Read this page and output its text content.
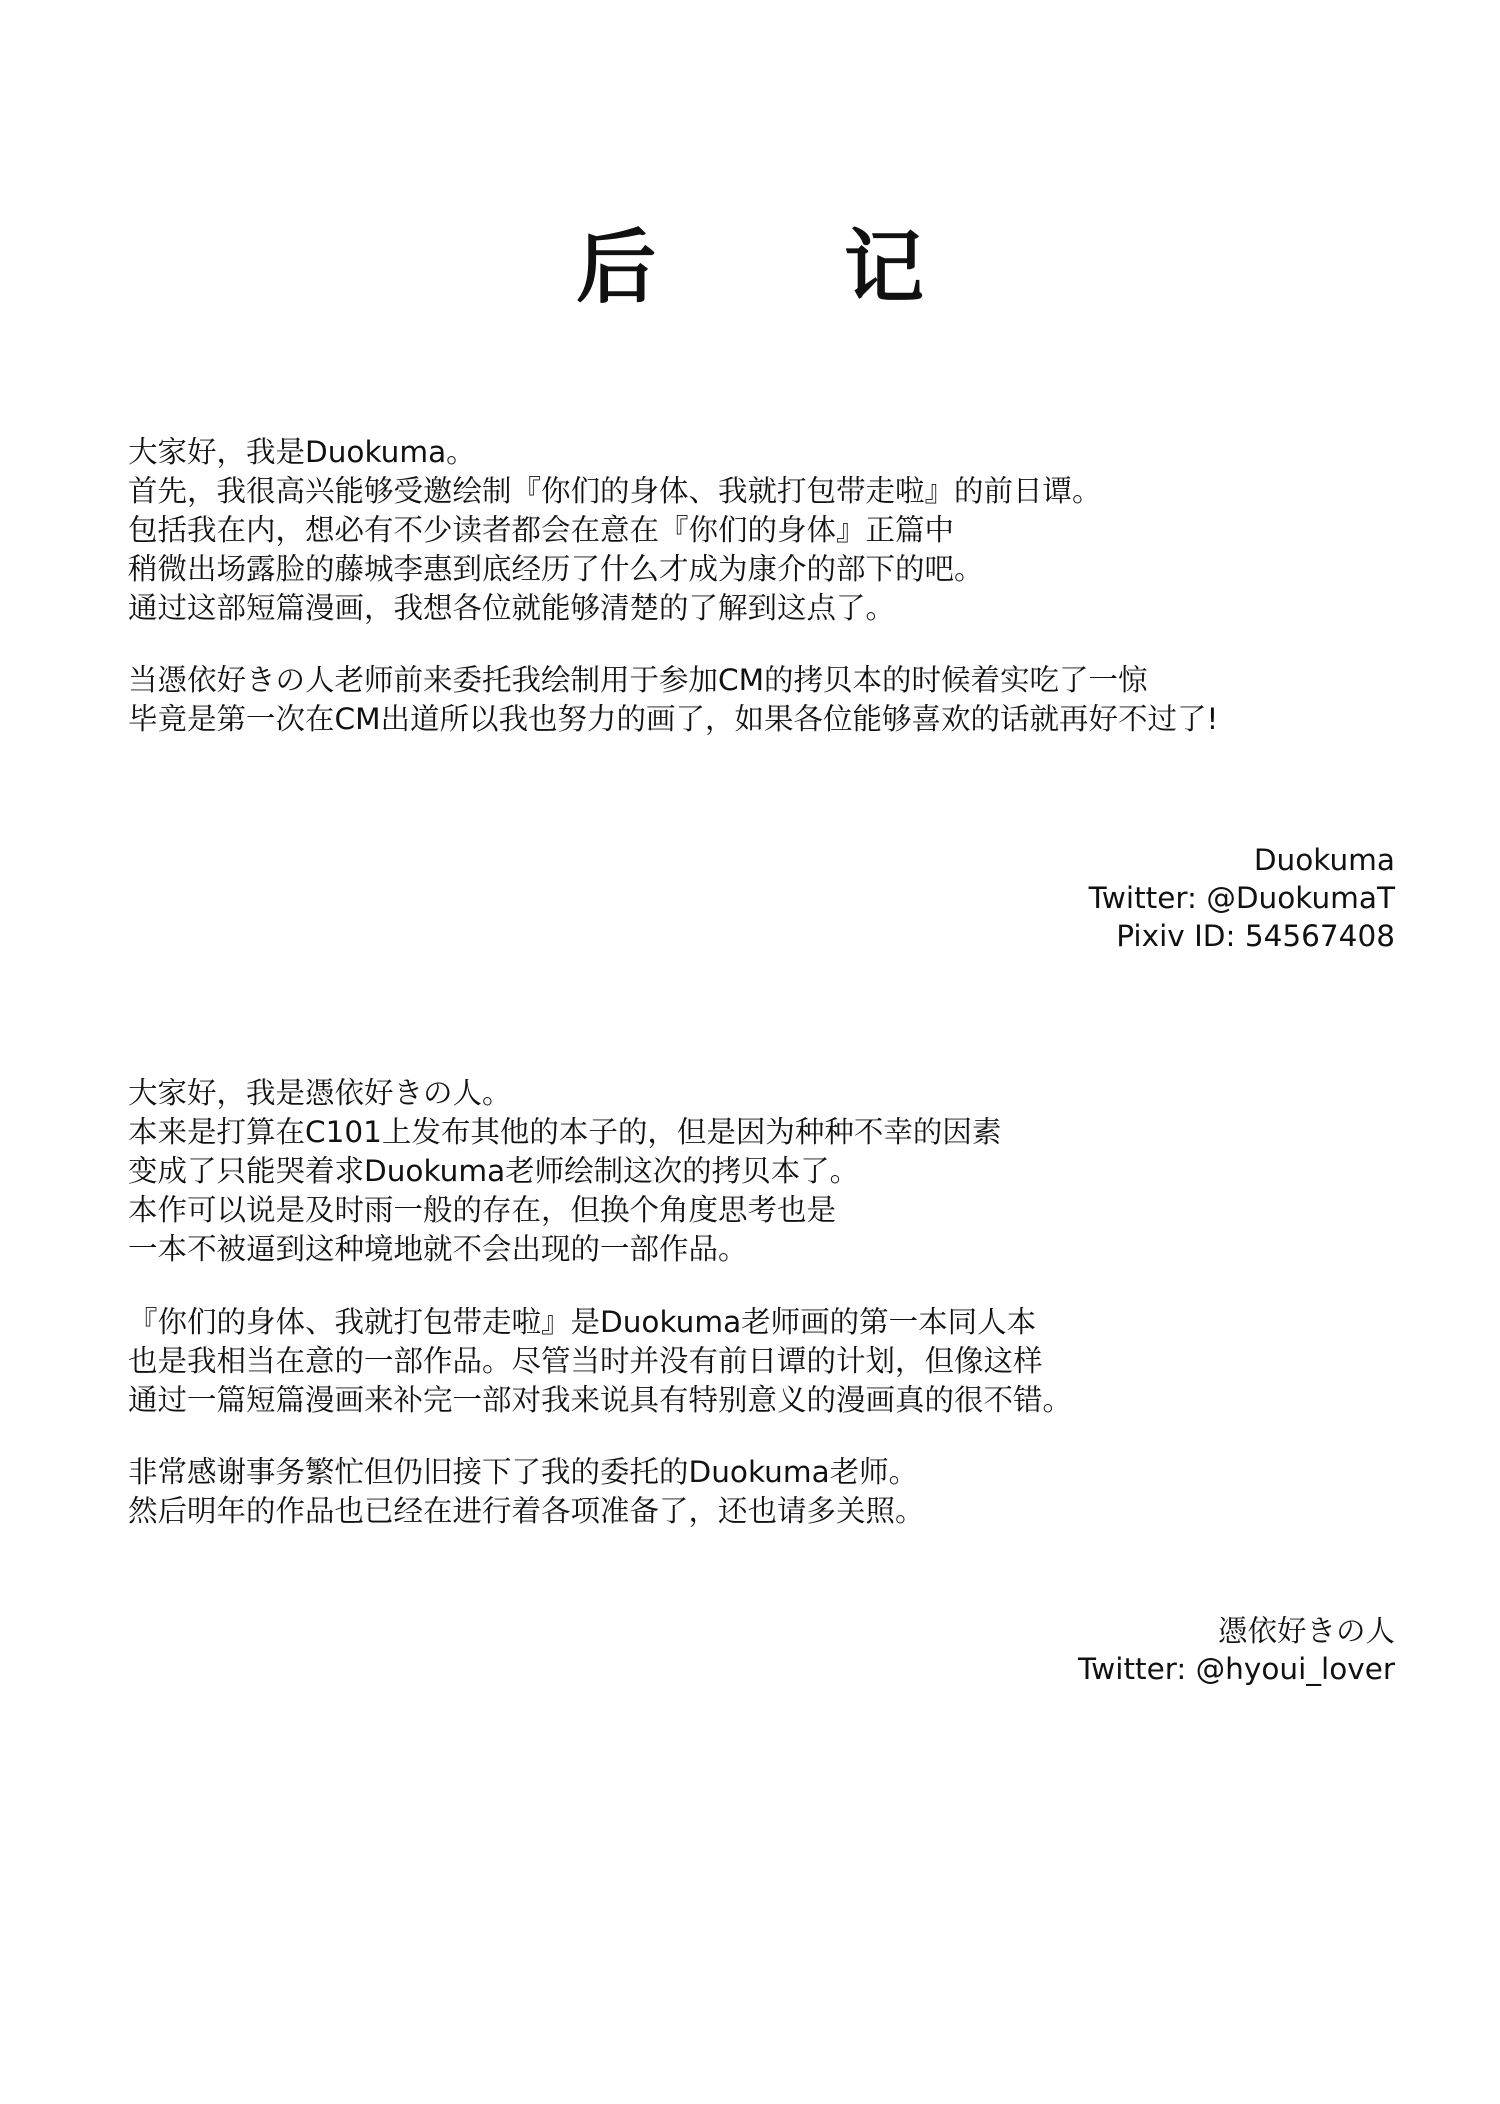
后 记
大家好，我是Duokuma。
首先，我很高兴能够受邀绘制『你们的身体、我就打包带走啦』的前日谭。
包括我在内，想必有不少读者都会在意在『你们的身体』正篇中
稍微出场露脸的藤城李惠到底经历了什么才成为康介的部下的吧。
通过这部短篇漫画，我想各位就能够清楚的了解到这点了。
当憑依好きの人老师前来委托我绘制用于参加CM的拷贝本的时候着实吃了一惊
毕竟是第一次在CM出道所以我也努力的画了，如果各位能够喜欢的话就再好不过了!
Duokuma
Twitter: @DuokumaT
Pixiv ID: 54567408
大家好，我是憑依好きの人。
本来是打算在C101上发布其他的本子的，但是因为种种不幸的因素
变成了只能哭着求Duokuma老师绘制这次的拷贝本了。
本作可以说是及时雨一般的存在，但换个角度思考也是
一本不被逼到这种境地就不会出现的一部作品。
『你们的身体、我就打包带走啦』是Duokuma老师画的第一本同人本
也是我相当在意的一部作品。尽管当时并没有前日谭的计划，但像这样
通过一篇短篇漫画来补完一部对我来说具有特别意义的漫画真的很不错。
非常感谢事务繁忙但仍旧接下了我的委托的Duokuma老师。
然后明年的作品也已经在进行着各项准备了，还也请多关照。
憑依好きの人
Twitter: @hyoui_lover
